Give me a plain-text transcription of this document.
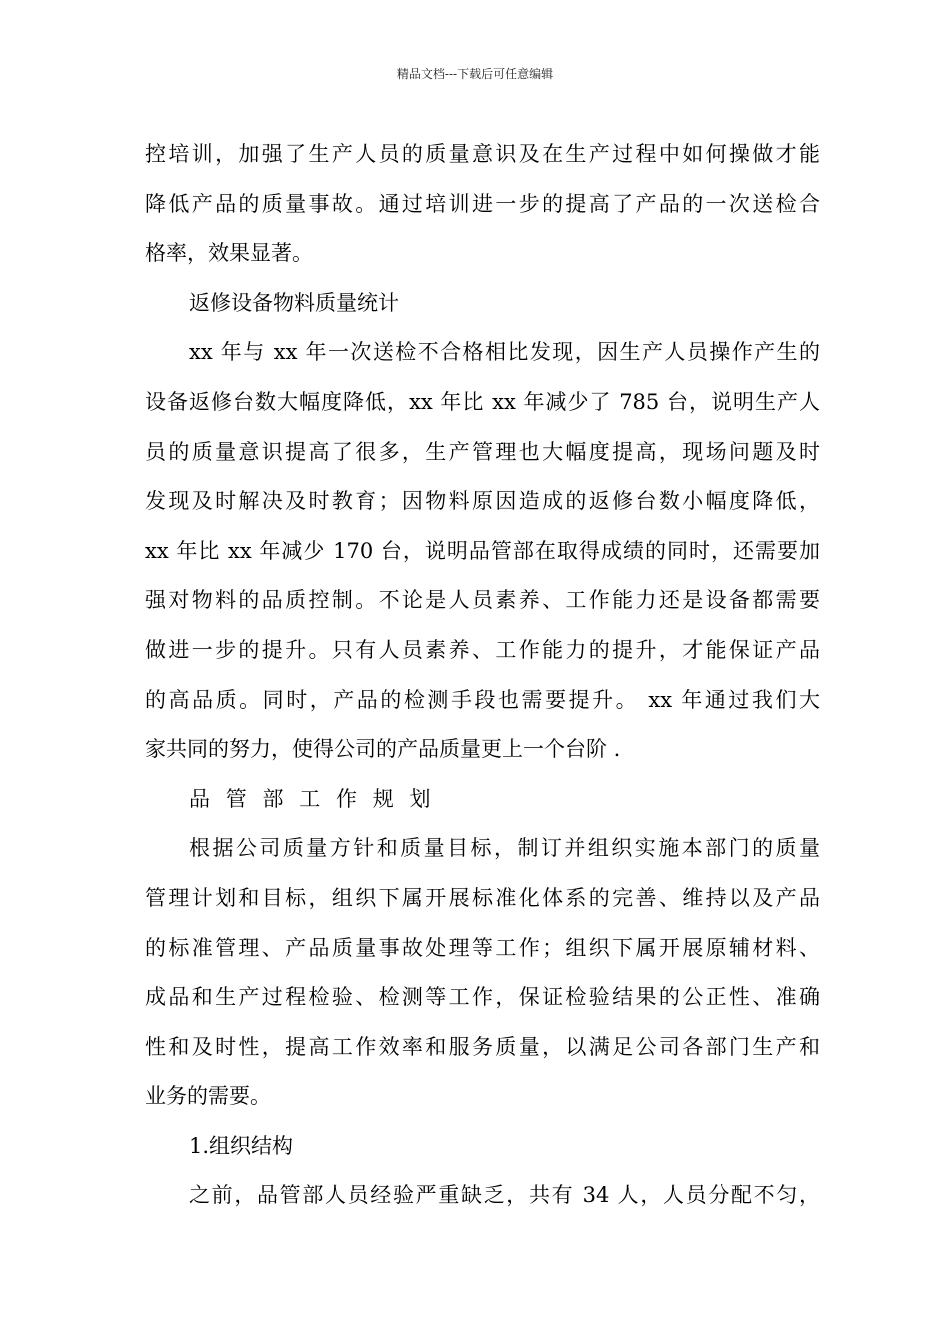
精品文档---下载后可任意编辑
控培训，加强了生产人员的质量意识及在生产过程中如何操做才能
降低产品的质量事故。通过培训进一步的提高了产品的一次送检合
格率，效果显著。
返修设备物料质量统计
xx 年与 xx 年一次送检不合格相比发现，因生产人员操作产生的
设备返修台数大幅度降低，xx 年比 xx 年减少了 785 台，说明生产人
员的质量意识提高了很多，生产管理也大幅度提高，现场问题及时
发现及时解决及时教育；因物料原因造成的返修台数小幅度降低，
xx 年比 xx 年减少 170 台，说明品管部在取得成绩的同时，还需要加
强对物料的品质控制。不论是人员素养、工作能力还是设备都需要
做进一步的提升。只有人员素养、工作能力的提升，才能保证产品
的高品质。同时，产品的检测手段也需要提升。 xx 年通过我们大
家共同的努力，使得公司的产品质量更上一个台阶 .
品管部工作规划
根据公司质量方针和质量目标，制订并组织实施本部门的质量
管理计划和目标，组织下属开展标准化体系的完善、维持以及产品
的标准管理、产品质量事故处理等工作；组织下属开展原辅材料、
成品和生产过程检验、检测等工作，保证检验结果的公正性、准确
性和及时性，提高工作效率和服务质量，以满足公司各部门生产和
业务的需要。
1.组织结构
之前，品管部人员经验严重缺乏，共有 34 人，人员分配不匀，
